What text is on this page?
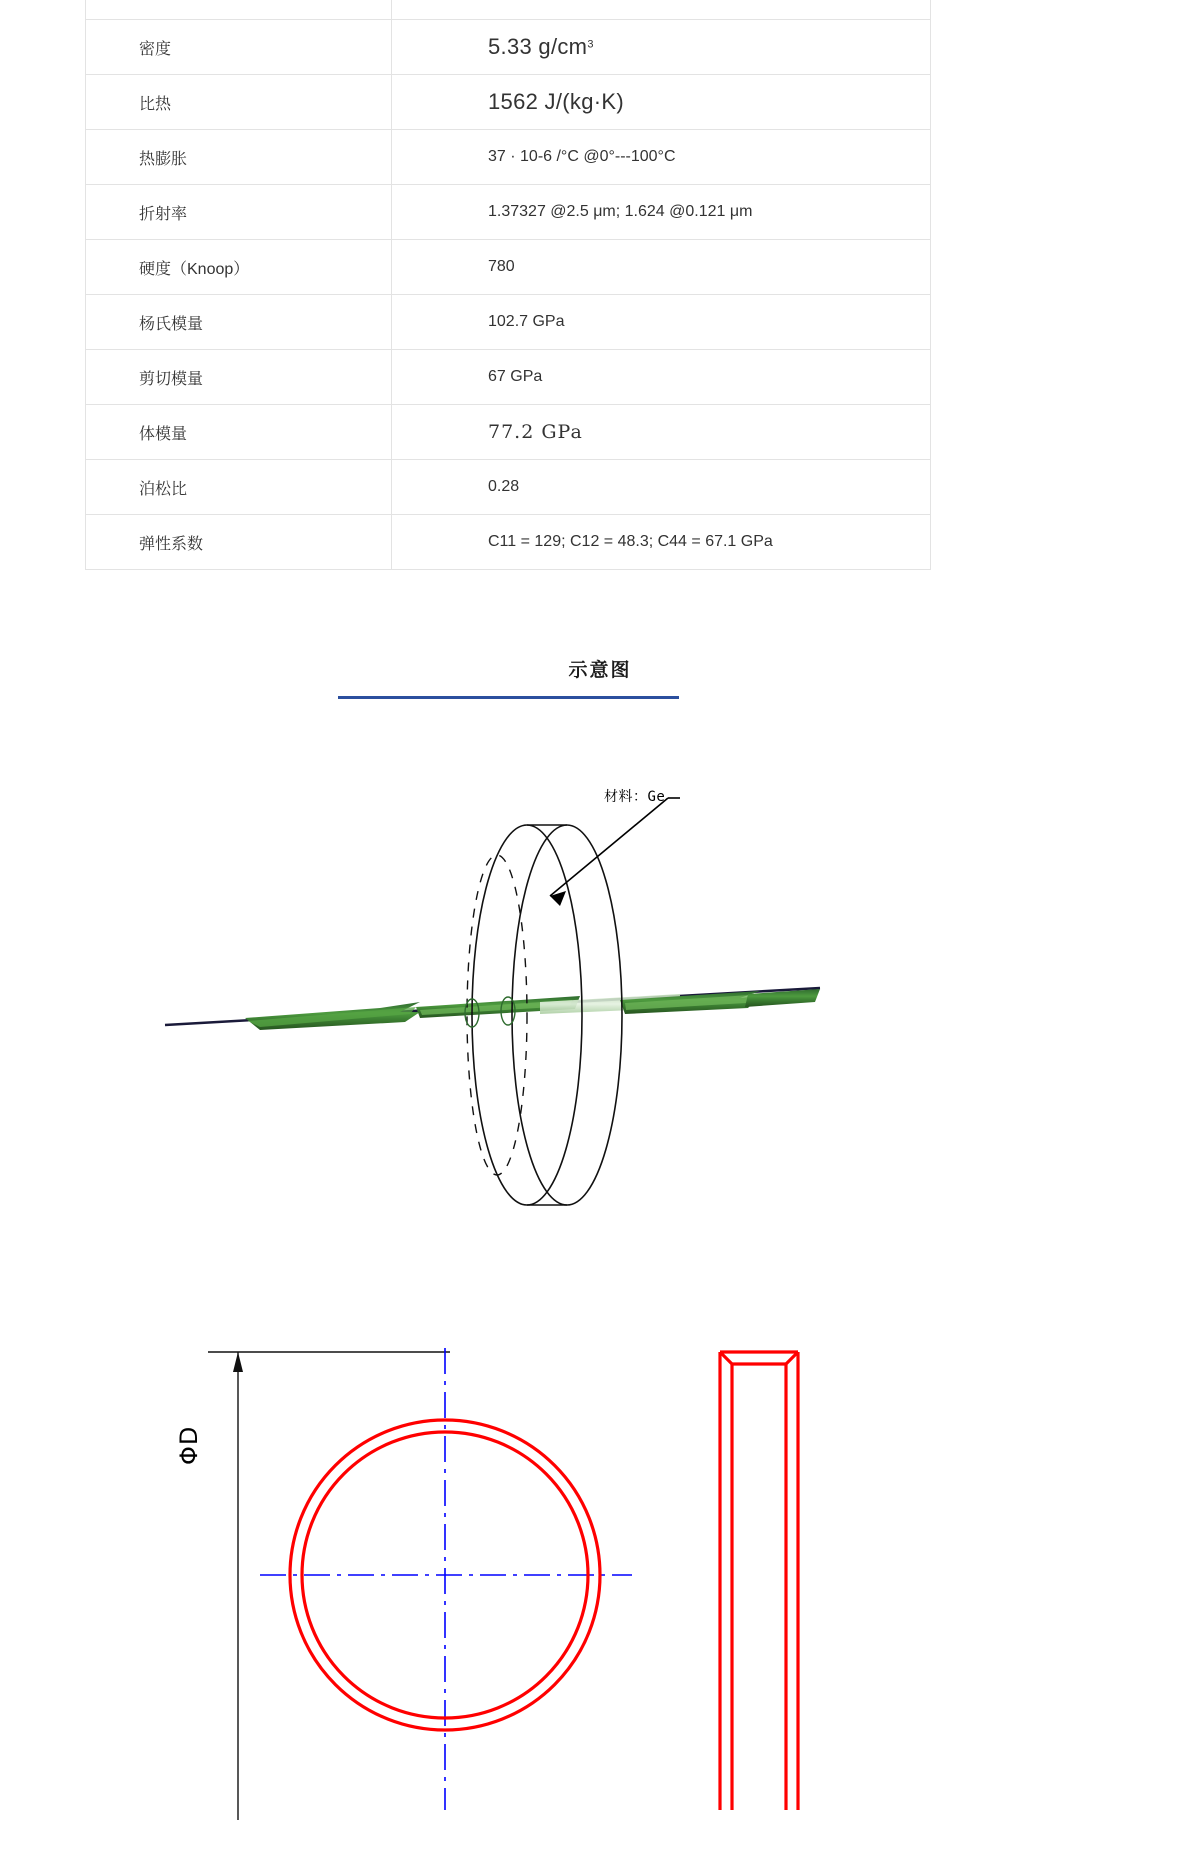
密度	5.33 $g/cm^3$
比热	1562 J/(kg·K)
热膨胀	37 · 10-6 /°C @0°---100°C
折射率	1.37327 @2.5 μm; 1.624 @0.121 μm
硬度（Knoop）	780
杨氏模量	102.7 GPa
剪切模量	67 GPa
体模量	77.2 GPa
泊松比	0.28
弹性系数	C11 = 129; C12 = 48.3; C44 = 67.1 GPa
示意图
材料：Ge
ΦD
